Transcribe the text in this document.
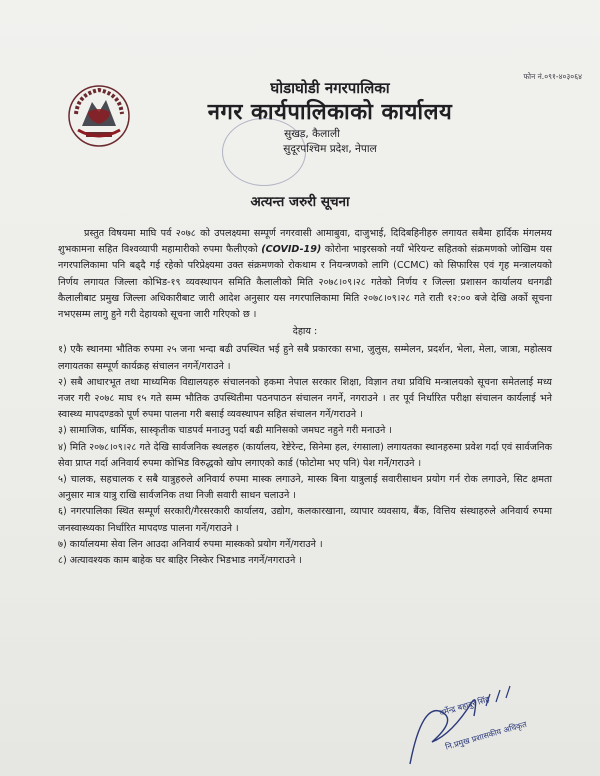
फोन नं.०९१-४०३०६४
घोडाघोडी नगरपालिका
नगर कार्यपालिकाको कार्यालय
सुखड, कैलाली
सुदूरपश्चिम प्रदेश, नेपाल
अत्यन्त जरुरी सूचना

प्रस्तुत विषयमा माघि पर्व २०७८ को उपलक्ष्यमा सम्पूर्ण नगरवासी आमाबुवा, दाजुभाई, दिदिबहिनीहरु लगायत सबैमा हार्दिक मंगलमय शुभकामना सहित विश्वव्यापी महामारीको रुपमा फैलीएको (COVID-19) कोरोना भाइरसको नयाँ भेरियन्ट सहितको संक्रमणको जोखिम यस नगरपालिकामा पनि बढ्दै गई रहेको परिप्रेक्ष्यमा उक्त संक्रमणको रोकथाम र नियन्त्रणको लागि (CCMC) को सिफारिस एवं गृह मन्त्रालयको निर्णय लगायत जिल्ला कोभिड-१९ व्यवस्थापन समिति कैलालीको मिति २०७८।०९।२८ गतेको निर्णय र जिल्ला प्रशासन कार्यालय धनगढी कैलालीबाट प्रमुख जिल्ला अधिकारीबाट जारी आदेश अनुसार यस नगरपालिकामा मिति २०७८।०९।२८ गते राती १२:०० बजे देखि अर्को सूचना नभएसम्म लागु हुने गरी देहायको सूचना जारी गरिएको छ ।

देहाय :

१) एकै स्थानमा भौतिक रुपमा २५ जना भन्दा बढी उपस्थित भई हुने सबै प्रकारका सभा, जुलुस, सम्मेलन, प्रदर्शन, भेला, मेला, जात्रा, महोत्सव लगायतका सम्पूर्ण कार्यक्रह संचालन नगर्ने/गराउने ।

२) सबै आधारभूत तथा माध्यमिक विद्यालयहरु संचालनको हकमा नेपाल सरकार शिक्षा, विज्ञान तथा प्रविधि मन्त्रालयको सूचना समेतलाई मध्य नजर गरी २०७८ माघ १५ गते सम्म भौतिक उपस्थितीमा पठनपाठन संचालन नगर्ने, नगराउने । तर पूर्व निर्धारित परीक्षा संचालन कार्यलाई भने स्वास्थ्य मापदण्डको पूर्ण रुपमा पालना गरी बसाई व्यवस्थापन सहित संचालन गर्ने/गराउने ।

३) सामाजिक, धार्मिक, सास्कृतीक चाडपर्व मनाउनु पर्दा बढी मानिसको जमघट नहुने गरी मनाउने ।

४) मिति २०७८।०९।२८ गते देखि सार्वजनिक स्थलहरु (कार्यालय, रेष्टेरेन्ट, सिनेमा हल, रंगसाला) लगायतका स्थानहरुमा प्रवेश गर्दा एवं सार्वजनिक सेवा प्राप्त गर्दा अनिवार्य रुपमा कोभिड विरुद्धको खोप लगाएको कार्ड (फोटोमा भए पनि) पेश गर्ने/गराउने ।

५) चालक, सहचालक र सबै यात्रुहरुले अनिवार्य रुपमा मास्क लगाउने, मास्क बिना यात्रुलाई सवारीसाधन प्रयोग गर्न रोक लगाउने, सिट क्षमता अनुसार मात्र यात्रु राखि सार्वजनिक तथा निजी सवारी साधन चलाउने ।

६) नगरपालिका स्थित सम्पूर्ण सरकारी/गैरसरकारी कार्यालय, उद्योग, कलकारखाना, व्यापार व्यवसाय, बैंक, वित्तिय संस्थाहरुले अनिवार्य रुपमा जनस्वास्थ्यका निर्धारित मापदण्ड पालना गर्ने/गराउने ।

७) कार्यालयमा सेवा लिन आउदा अनिवार्य रुपमा मास्कको प्रयोग गर्ने/गराउने ।

८) अत्यावश्यक काम बाहेक घर बाहिर निस्केर भिडभाड नगर्ने/नगराउने ।

धर्मेन्द्र बहादुर सिंह
नि.प्रमुख प्रशासकीय अधिकृत
